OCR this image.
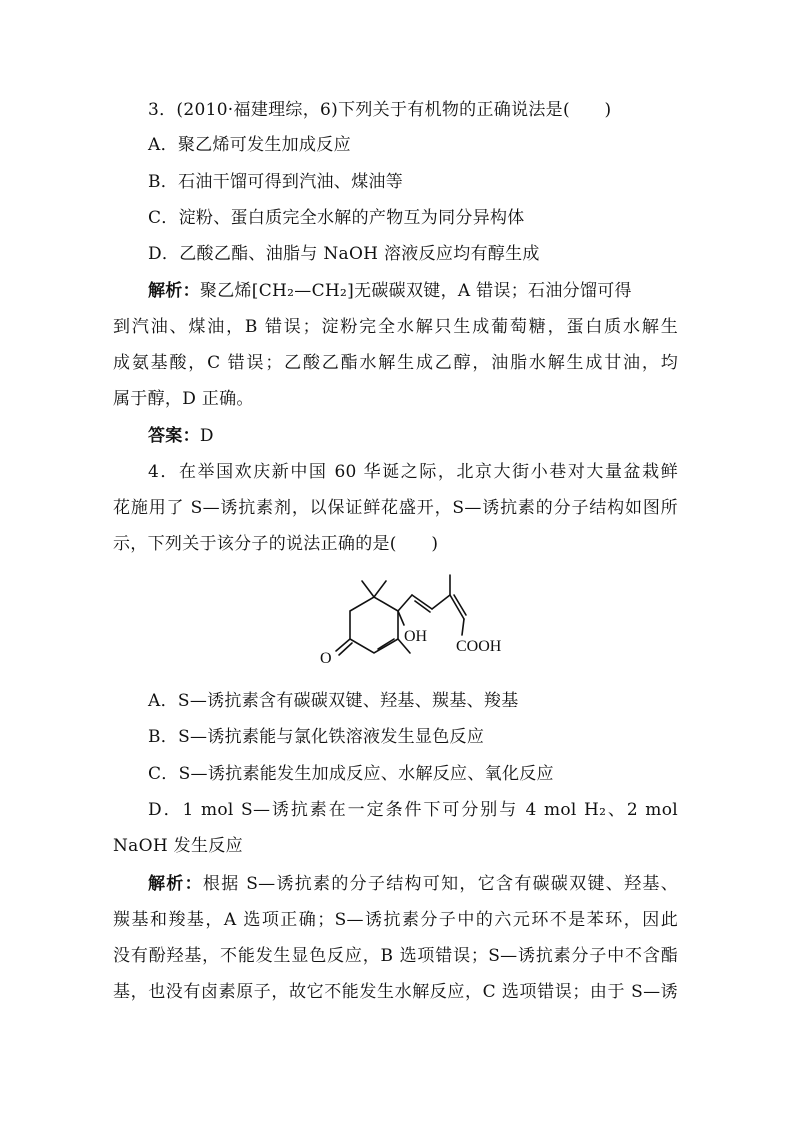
3．(2010·福建理综，6)下列关于有机物的正确说法是(　　)
A．聚乙烯可发生加成反应
B．石油干馏可得到汽油、煤油等
C．淀粉、蛋白质完全水解的产物互为同分异构体
D．乙酸乙酯、油脂与 NaOH 溶液反应均有醇生成
解析：聚乙烯[CH₂—CH₂]无碳碳双键，A 错误；石油分馏可得
到汽油、煤油，B 错误；淀粉完全水解只生成葡萄糖，蛋白质水解生
成氨基酸，C 错误；乙酸乙酯水解生成乙醇，油脂水解生成甘油，均
属于醇，D 正确。
答案：D
4．在举国欢庆新中国 60 华诞之际，北京大街小巷对大量盆栽鲜
花施用了 S—诱抗素剂，以保证鲜花盛开，S—诱抗素的分子结构如图所
示，下列关于该分子的说法正确的是(　　)
OH
COOH
O
A．S—诱抗素含有碳碳双键、羟基、羰基、羧基
B．S—诱抗素能与氯化铁溶液发生显色反应
C．S—诱抗素能发生加成反应、水解反应、氧化反应
D．1 mol S—诱抗素在一定条件下可分别与 4 mol H₂、2 mol
NaOH 发生反应
解析：根据 S—诱抗素的分子结构可知，它含有碳碳双键、羟基、
羰基和羧基，A 选项正确；S—诱抗素分子中的六元环不是苯环，因此
没有酚羟基，不能发生显色反应，B 选项错误；S—诱抗素分子中不含酯
基，也没有卤素原子，故它不能发生水解反应，C 选项错误；由于 S—诱
